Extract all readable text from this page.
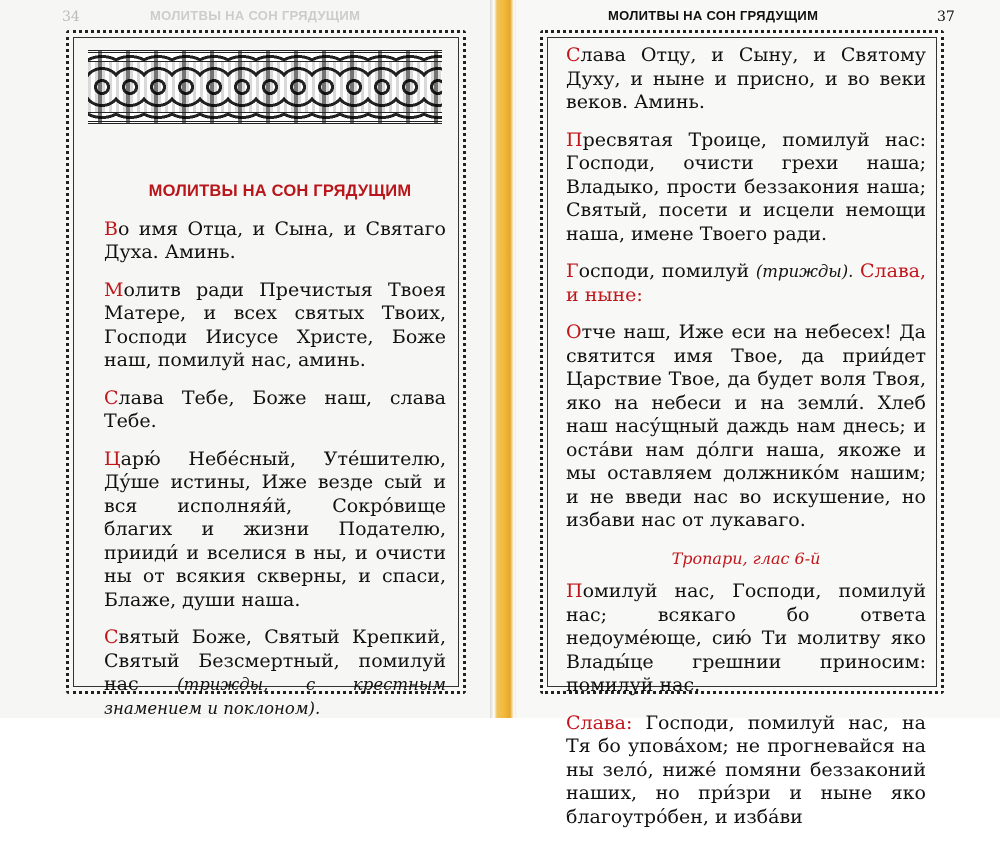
МОЛИТВЫ НА СОН ГРЯДУЩИМ
34
МОЛИТВЫ НА СОН ГРЯДУЩИМ

Во имя Отца, и Сына, и Святаго Духа. Аминь.

Молитв ради Пречистыя Твоея Матере, и всех святых Твоих, Господи Иисусе Христе, Боже наш, помилуй нас, аминь.

Слава Тебе, Боже наш, слава Тебе.

Царю́ Небе́сный, Уте́шителю, Ду́ше истины, Иже везде сый и вся исполняя́й, Сокро́вище благих и жизни Подателю, прииди́ и вселися в ны, и очисти ны от всякия скверны, и спаси, Блаже, души наша.

Святый Боже, Святый Крепкий, Святый Безсмертный, помилуй нас (трижды, с крестным знамением и поклоном).

МОЛИТВЫ НА СОН ГРЯДУЩИМ	37

Слава Отцу, и Сыну, и Святому Духу, и ныне и присно, и во веки веков. Аминь.

Пресвятая Троице, помилуй нас: Господи, очисти грехи наша; Владыко, прости беззакония наша; Святый, посети и исцели немощи наша, имене Твоего ради.

Господи, помилуй (трижды). Слава, и ныне:

Отче наш, Иже еси на небесех! Да святится имя Твое, да прии́дет Царствие Твое, да будет воля Твоя, яко на небеси и на земли́. Хлеб наш насу́щный даждь нам днесь; и оста́ви нам до́лги наша, якоже и мы оставляем должнико́м нашим; и не введи нас во искушение, но избави нас от лукаваго.

Тропари, глас 6-й

Помилуй нас, Господи, помилуй нас; всякаго бо ответа недоуме́юще, сию́ Ти молитву яко Влады́це грешнии приносим: помилуй нас.

Слава: Господи, помилуй нас, на Тя бо упова́хом; не прогневайся на ны зело́, ниже́ помяни беззаконий наших, но при́зри и ныне яко благоутро́бен, и изба́ви
